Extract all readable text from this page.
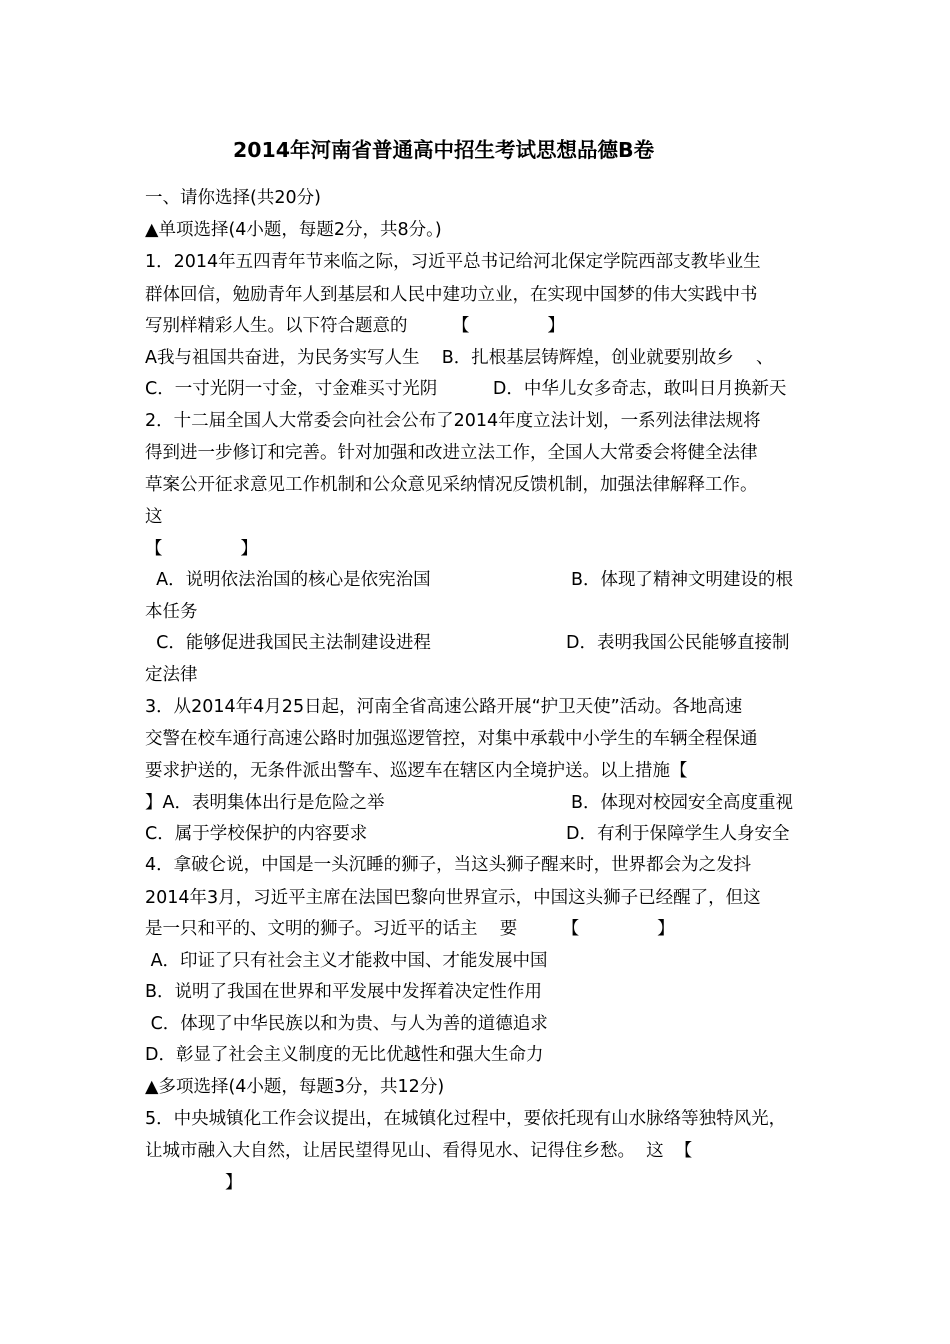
2014年河南省普通高中招生考试思想品德B卷
一、请你选择(共20分)
▲单项选择(4小题，每题2分，共8分。)
1．2014年五四青年节来临之际，习近平总书记给河北保定学院西部支教毕业生
群体回信，勉励青年人到基层和人民中建功立业，在实现中国梦的伟大实践中书
写别样精彩人生。以下符合题意的        【              】
A我与祖国共奋进，为民务实写人生    B．扎根基层铸辉煌，创业就要别故乡    、
C．一寸光阴一寸金，寸金难买寸光阴          D．中华儿女多奇志，敢叫日月换新天
2．十二届全国人大常委会向社会公布了2014年度立法计划，一系列法律法规将
得到进一步修订和完善。针对加强和改进立法工作，全国人大常委会将健全法律
草案公开征求意见工作机制和公众意见采纳情况反馈机制，加强法律解释工作。
这
【              】
A．说明依法治国的核心是依宪治国	B．体现了精神文明建设的根
本任务
C．能够促进我国民主法制建设进程	D．表明我国公民能够直接制
定法律
3．从2014年4月25日起，河南全省高速公路开展“护卫天使”活动。各地高速
交警在校车通行高速公路时加强巡逻管控，对集中承载中小学生的车辆全程保通
要求护送的，无条件派出警车、巡逻车在辖区内全境护送。以上措施【
】A．表明集体出行是危险之举	B．体现对校园安全高度重视
C．属于学校保护的内容要求	D．有利于保障学生人身安全
4．拿破仑说，中国是一头沉睡的狮子，当这头狮子醒来时，世界都会为之发抖
2014年3月，习近平主席在法国巴黎向世界宣示，中国这头狮子已经醒了，但这
是一只和平的、文明的狮子。习近平的话主    要        【              】
A．印证了只有社会主义才能救中国、才能发展中国
B．说明了我国在世界和平发展中发挥着决定性作用
C．体现了中华民族以和为贵、与人为善的道德追求
D．彰显了社会主义制度的无比优越性和强大生命力
▲多项选择(4小题，每题3分，共12分)
5．中央城镇化工作会议提出，在城镇化过程中，要依托现有山水脉络等独特风光，
让城市融入大自然，让居民望得见山、看得见水、记得住乡愁。  这  【
】
